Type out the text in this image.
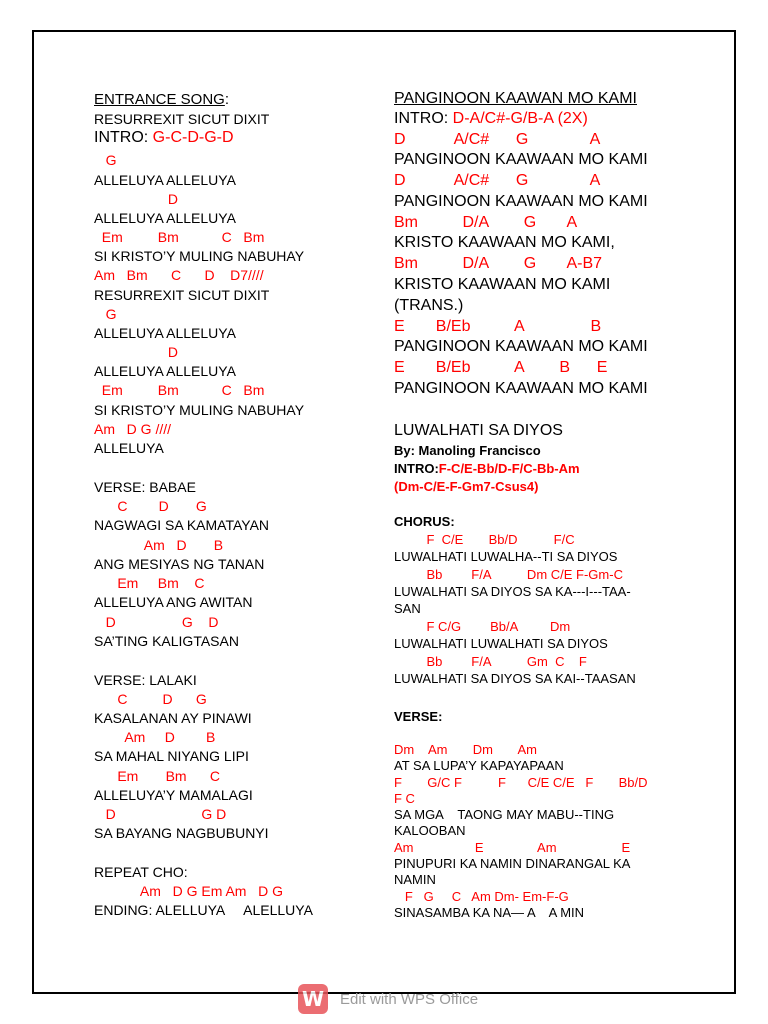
ENTRANCE SONG:
RESURREXIT SICUT DIXIT
INTRO: G-C-D-G-D
G
ALLELUYA ALLELUYA
D
ALLELUYA ALLELUYA
Em         Bm           C   Bm
SI KRISTO’Y MULING NABUHAY
Am   Bm      C      D    D7////
RESURREXIT SICUT DIXIT
G
ALLELUYA ALLELUYA
D
ALLELUYA ALLELUYA
Em         Bm           C   Bm
SI KRISTO’Y MULING NABUHAY
Am   D G ////
ALLELUYA
VERSE: BABAE
C        D       G
NAGWAGI SA KAMATAYAN
Am   D       B
ANG MESIYAS NG TANAN
Em     Bm    C
ALLELUYA ANG AWITAN
D                 G    D
SA’TING KALIGTASAN
VERSE: LALAKI
C         D      G
KASALANAN AY PINAWI
Am     D        B
SA MAHAL NIYANG LIPI
Em       Bm      C
ALLELUYA’Y MAMALAGI
D                      G D
SA BAYANG NAGBUBUNYI
REPEAT CHO:
Am   D G Em Am   D G
ENDING: ALELLUYA     ALELLUYA
PANGINOON KAAWAN MO KAMI
INTRO: D-A/C#-G/B-A (2X)
D           A/C#      G              A
PANGINOON KAAWAAN MO KAMI
D           A/C#      G              A
PANGINOON KAAWAAN MO KAMI
Bm          D/A        G       A
KRISTO KAAWAAN MO KAMI,
Bm          D/A        G       A-B7
KRISTO KAAWAAN MO KAMI
(TRANS.)
E       B/Eb          A               B
PANGINOON KAAWAAN MO KAMI
E       B/Eb          A        B      E
PANGINOON KAAWAAN MO KAMI
LUWALHATI SA DIYOS
By: Manoling Francisco
INTRO:F-C/E-Bb/D-F/C-Bb-Am
(Dm-C/E-F-Gm7-Csus4)
CHORUS:
F  C/E       Bb/D          F/C
LUWALHATI LUWALHA--TI SA DIYOS
Bb        F/A          Dm C/E F-Gm-C
LUWALHATI SA DIYOS SA KA---I---TAA-
SAN
F C/G        Bb/A         Dm
LUWALHATI LUWALHATI SA DIYOS
Bb        F/A          Gm  C    F
LUWALHATI SA DIYOS SA KAI--TAASAN
VERSE:
Dm    Am       Dm       Am
AT SA LUPA’Y KAPAYAPAAN
F       G/C F          F      C/E C/E   F       Bb/D
F C
SA MGA    TAONG MAY MABU--TING
KALOOBAN
Am                 E               Am                  E
PINUPURI KA NAMIN DINARANGAL KA
NAMIN
F   G     C   Am Dm- Em-F-G
SINASAMBA KA NA— A    A MIN
W Edit with WPS Office
